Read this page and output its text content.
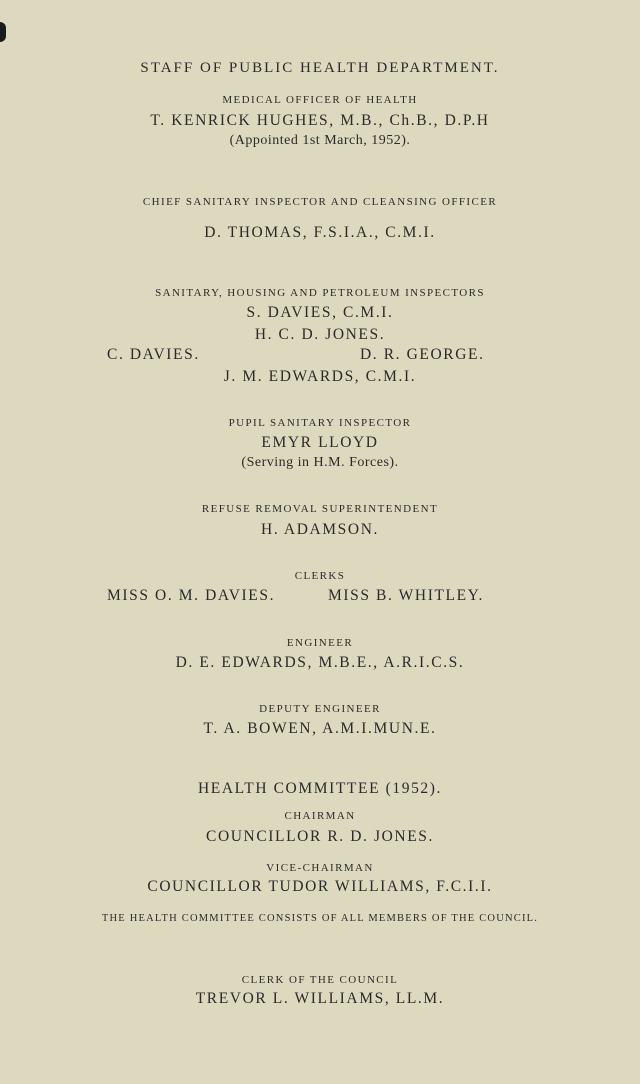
STAFF OF PUBLIC HEALTH DEPARTMENT.
MEDICAL OFFICER OF HEALTH
T. KENRICK HUGHES, M.B., Ch.B., D.P.H
(Appointed 1st March, 1952).
CHIEF SANITARY INSPECTOR AND CLEANSING OFFICER
D. THOMAS, F.S.I.A., C.M.I.
SANITARY, HOUSING AND PETROLEUM INSPECTORS
S. DAVIES, C.M.I.
H. C. D. JONES.
C. DAVIES.	D. R. GEORGE.
J. M. EDWARDS, C.M.I.
PUPIL SANITARY INSPECTOR
EMYR LLOYD
(Serving in H.M. Forces).
REFUSE REMOVAL SUPERINTENDENT
H. ADAMSON.
CLERKS
MISS O. M. DAVIES.	MISS B. WHITLEY.
ENGINEER
D. E. EDWARDS, M.B.E., A.R.I.C.S.
DEPUTY ENGINEER
T. A. BOWEN, A.M.I.MUN.E.
HEALTH COMMITTEE (1952).
CHAIRMAN
COUNCILLOR R. D. JONES.
VICE-CHAIRMAN
COUNCILLOR TUDOR WILLIAMS, F.C.I.I.
THE HEALTH COMMITTEE CONSISTS OF ALL MEMBERS OF THE COUNCIL.
CLERK OF THE COUNCIL
TREVOR L. WILLIAMS, LL.M.
